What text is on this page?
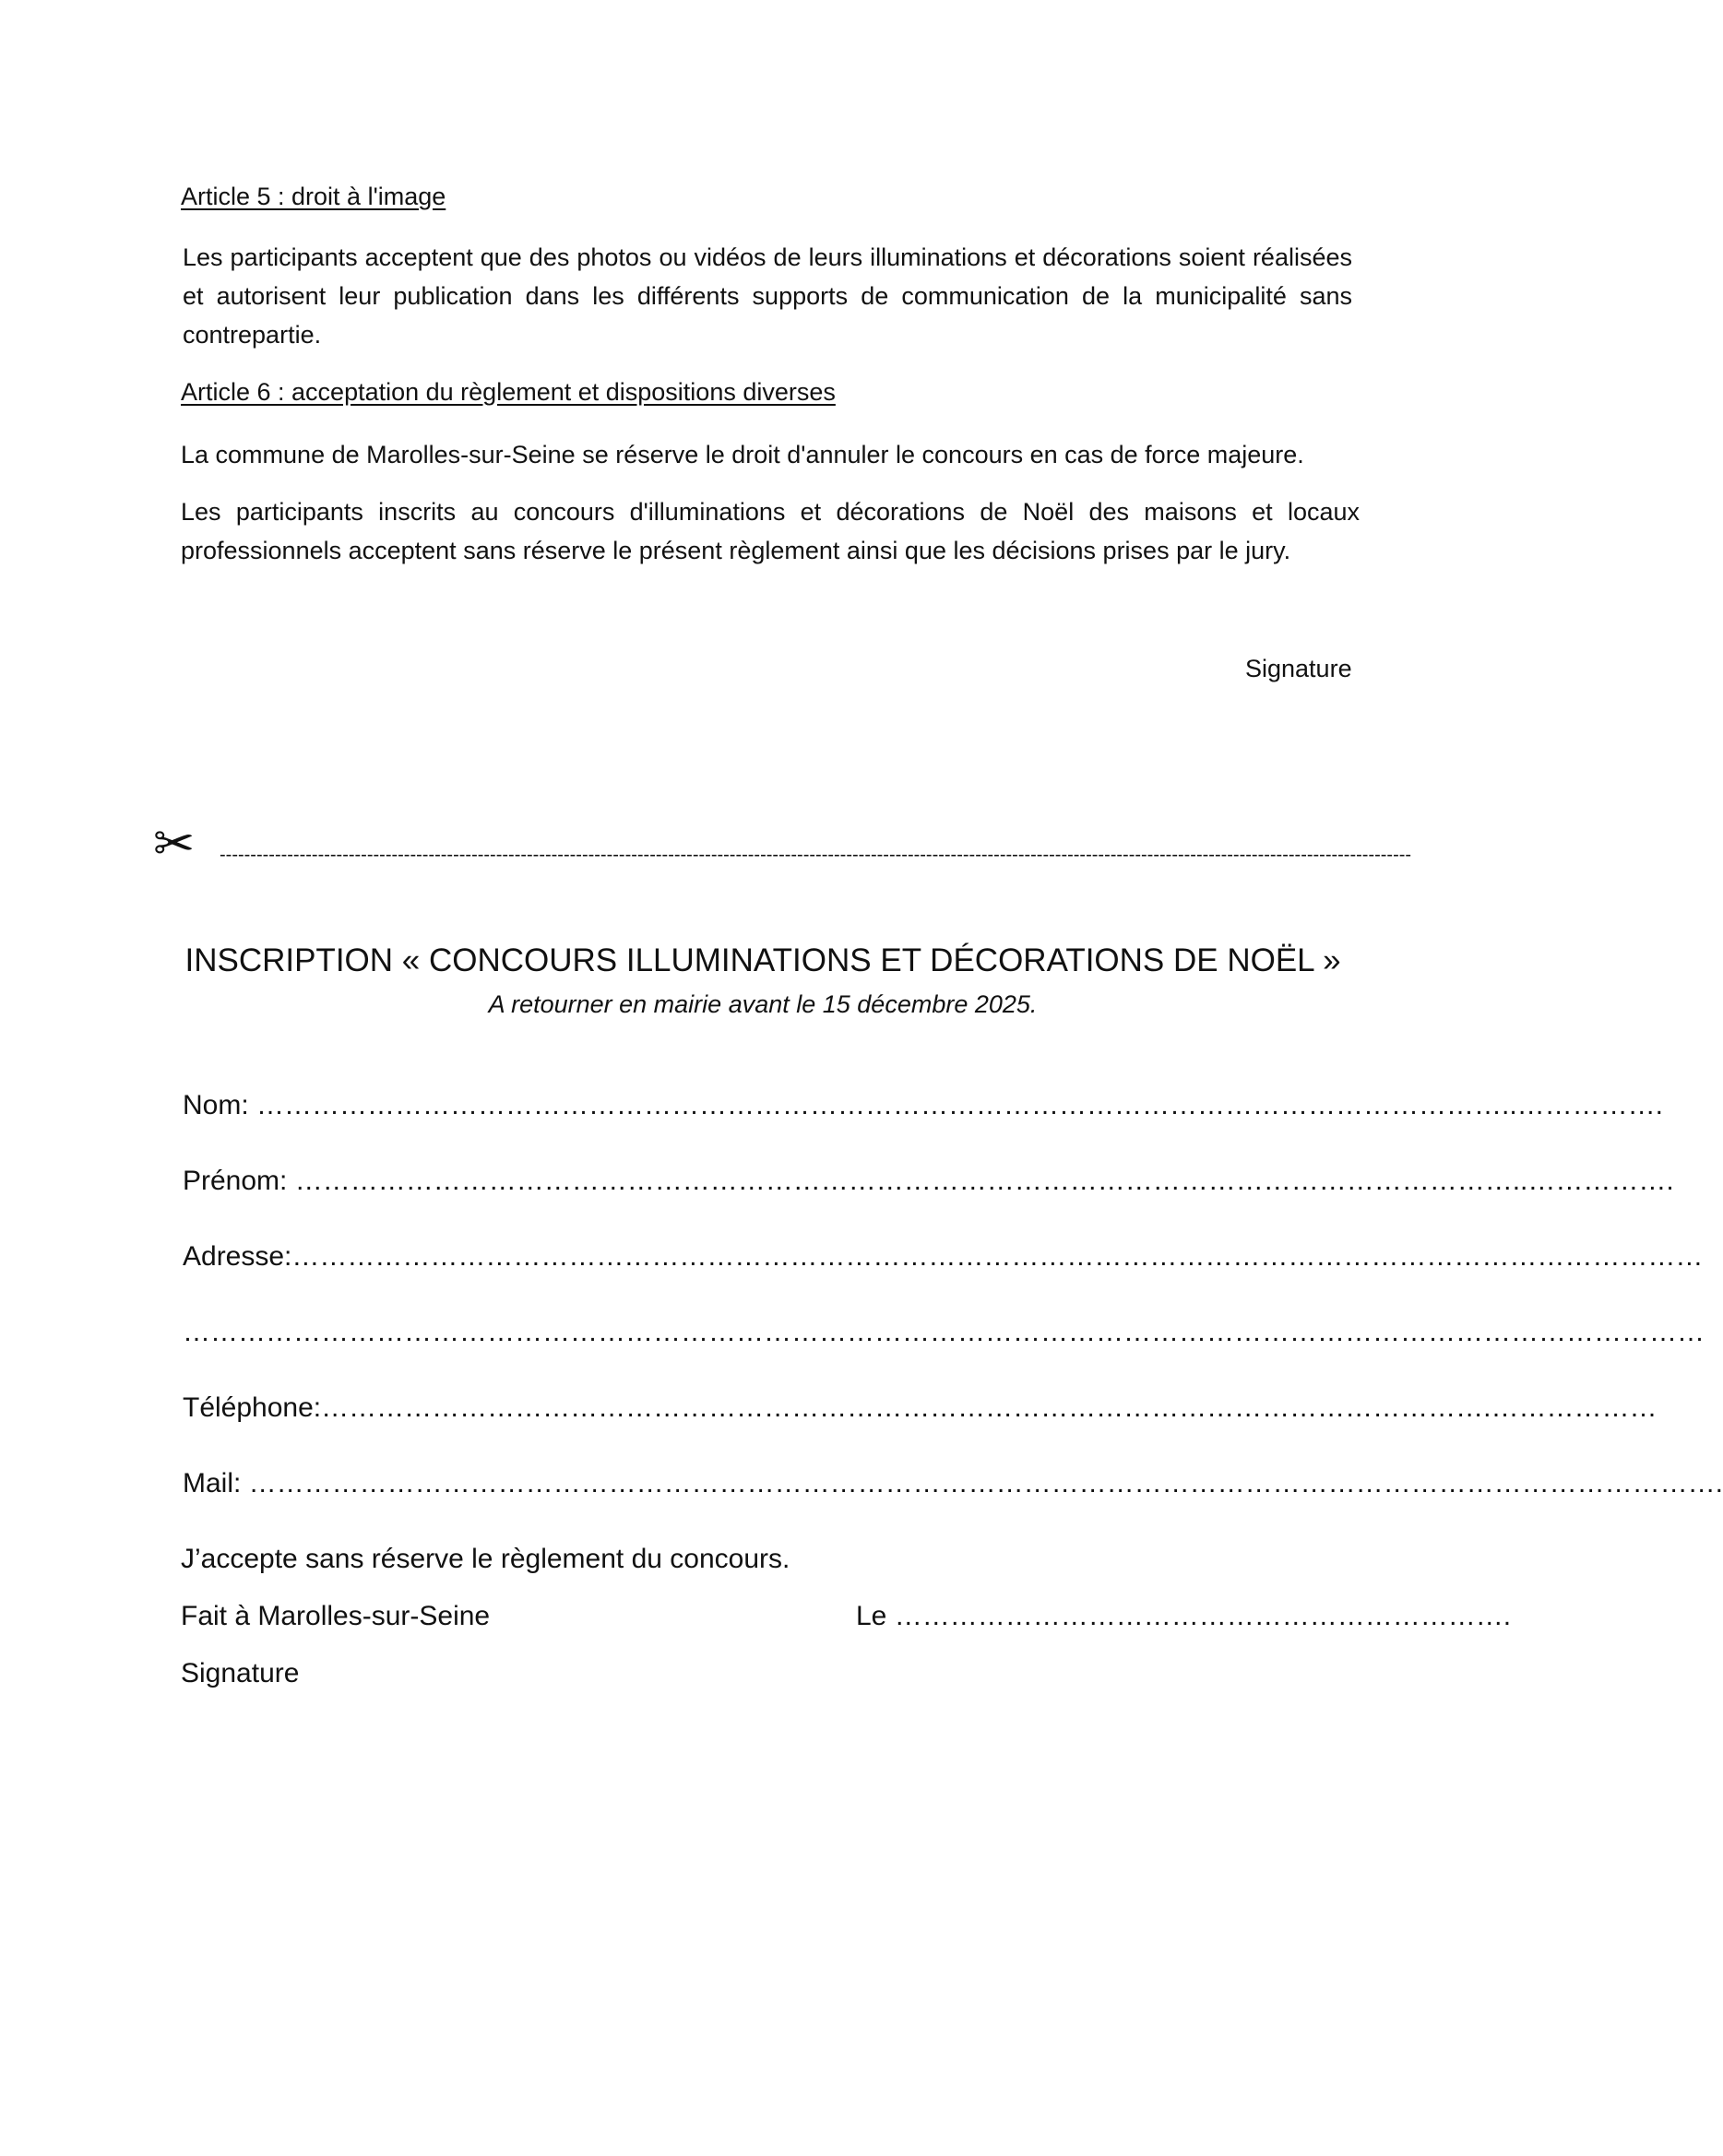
Article 5 : droit à l'image
Les participants acceptent que des photos ou vidéos de leurs illuminations et décorations soient réalisées et autorisent leur publication dans les différents supports de communication de la municipalité sans contrepartie.
Article 6 : acceptation du règlement et dispositions diverses
La commune de Marolles-sur-Seine se réserve le droit d'annuler le concours en cas de force majeure.
Les participants inscrits au concours d'illuminations et décorations de Noël des maisons et locaux professionnels acceptent sans réserve le présent règlement ainsi que les décisions prises par le jury.
Signature
✂ --------------------------------------------------------------------------------------------------------------------------------------------------------------------------------------------------
INSCRIPTION « CONCOURS ILLUMINATIONS ET DÉCORATIONS DE NOËL »
A retourner en mairie avant le 15 décembre 2025.
Nom: ………………………………………………………………………………………………………………………..…………….
Prénom: ……………………………………………………………………………………………………………………..…………….
Adresse:………………………………………………………………………………………………………………………………………
…………………………………………………………………………………………………………………………………………………
Téléphone:……………………………………………………………………………………………………………….………………
Mail: …………………………………………………………………………………………………………………………………………….
J’accepte sans réserve le règlement du concours.
Fait à Marolles-sur-Seine	Le ………………………………………………………….
Signature
